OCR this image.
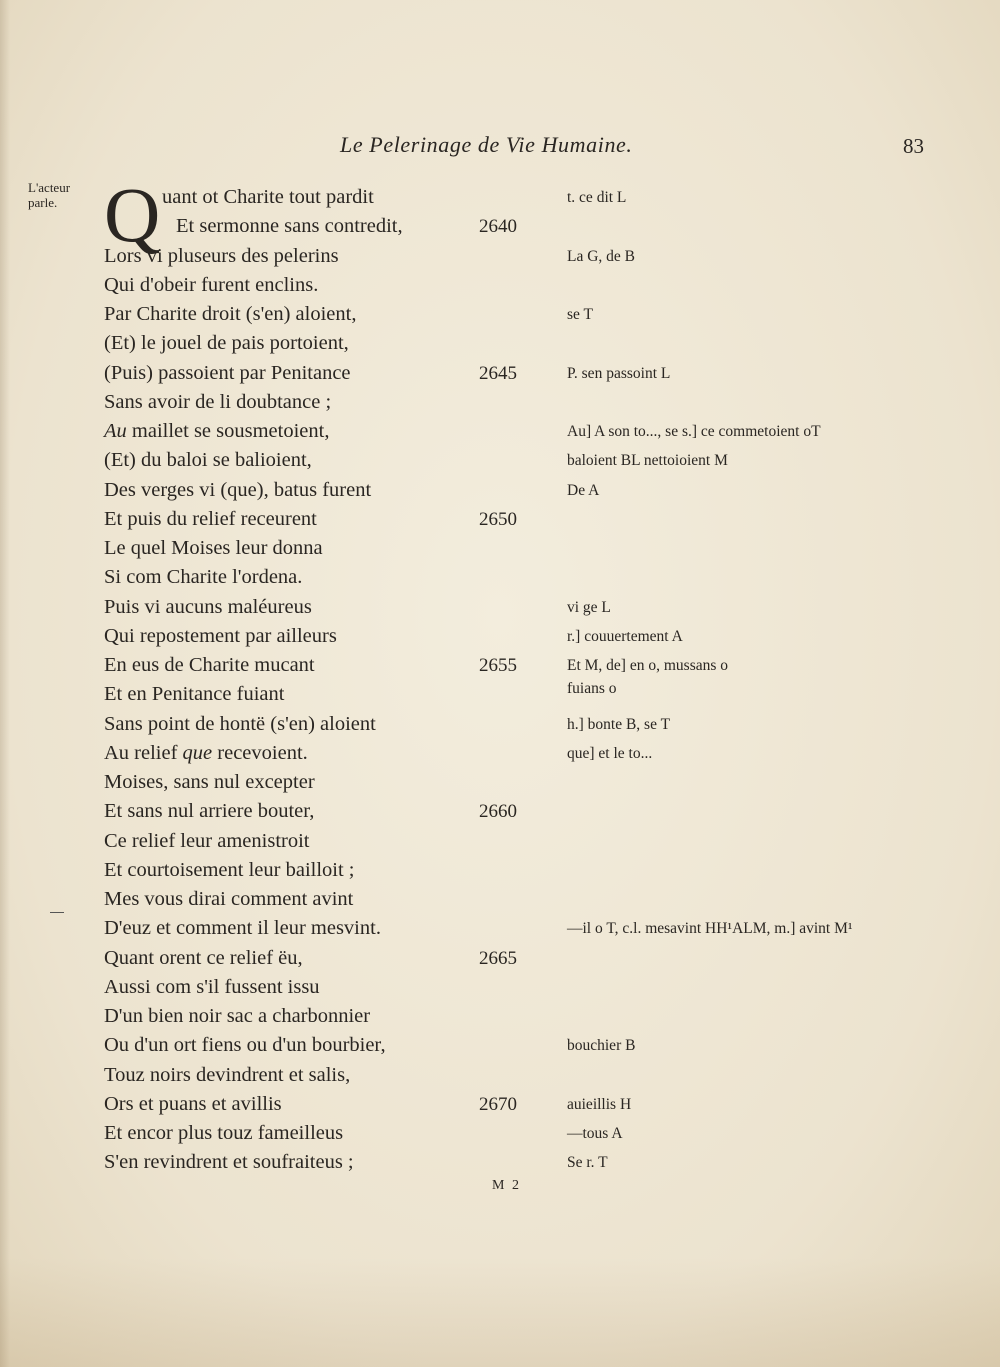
Le Pelerinage de Vie Humaine.	83
L'acteur
parle. Q uant ot Charite tout pardit
Et sermonne sans contredit,	2640
Lors vi pluseurs des pelerins
Qui d'obeir furent enclins.
Par Charite droit (s'en) aloient,
(Et) le jouel de pais portoient,
(Puis) passoient par Penitance	2645
Sans avoir de li doubtance ;
Au maillet se sousmetoient,
(Et) du baloi se balioient,
Des verges vi (que), batus furent
Et puis du relief receurent	2650
Le quel Moises leur donna
Si com Charite l'ordena.
Puis vi aucuns maléureus
Qui repostement par ailleurs
En eus de Charite mucant	2655
Et en Penitance fuiant
Sans point de hontë (s'en) aloient
Au relief que recevoient.
Moises, sans nul excepter
Et sans nul arriere bouter,	2660
Ce relief leur amenistroit
Et courtoisement leur bailloit ;
Mes vous dirai comment avint
D'euz et comment il leur mesvint.
Quant orent ce relief ëu,	2665
Aussi com s'il fussent issu
D'un bien noir sac a charbonnier
Ou d'un ort fiens ou d'un bourbier,
Touz noirs devindrent et salis,
Ors et puans et avillis	2670
Et encor plus touz fameilleus
S'en revindrent et soufraiteus ;
t. ce dit L
La G, de B
se T
P. sen passoint L
Au] A son to..., se s.] ce commetoient oT
baloient BL nettoioient M
De A
vi ge L
r.] couuertement A
Et M, de] en o, mussans o
fuians o
h.] bonte B, se T
que] et le to...
—il o T, c.l. mesavint HH¹ALM, m.] avint M¹
bouchier B
auieillis H
—tous A
Se r. T
M 2
